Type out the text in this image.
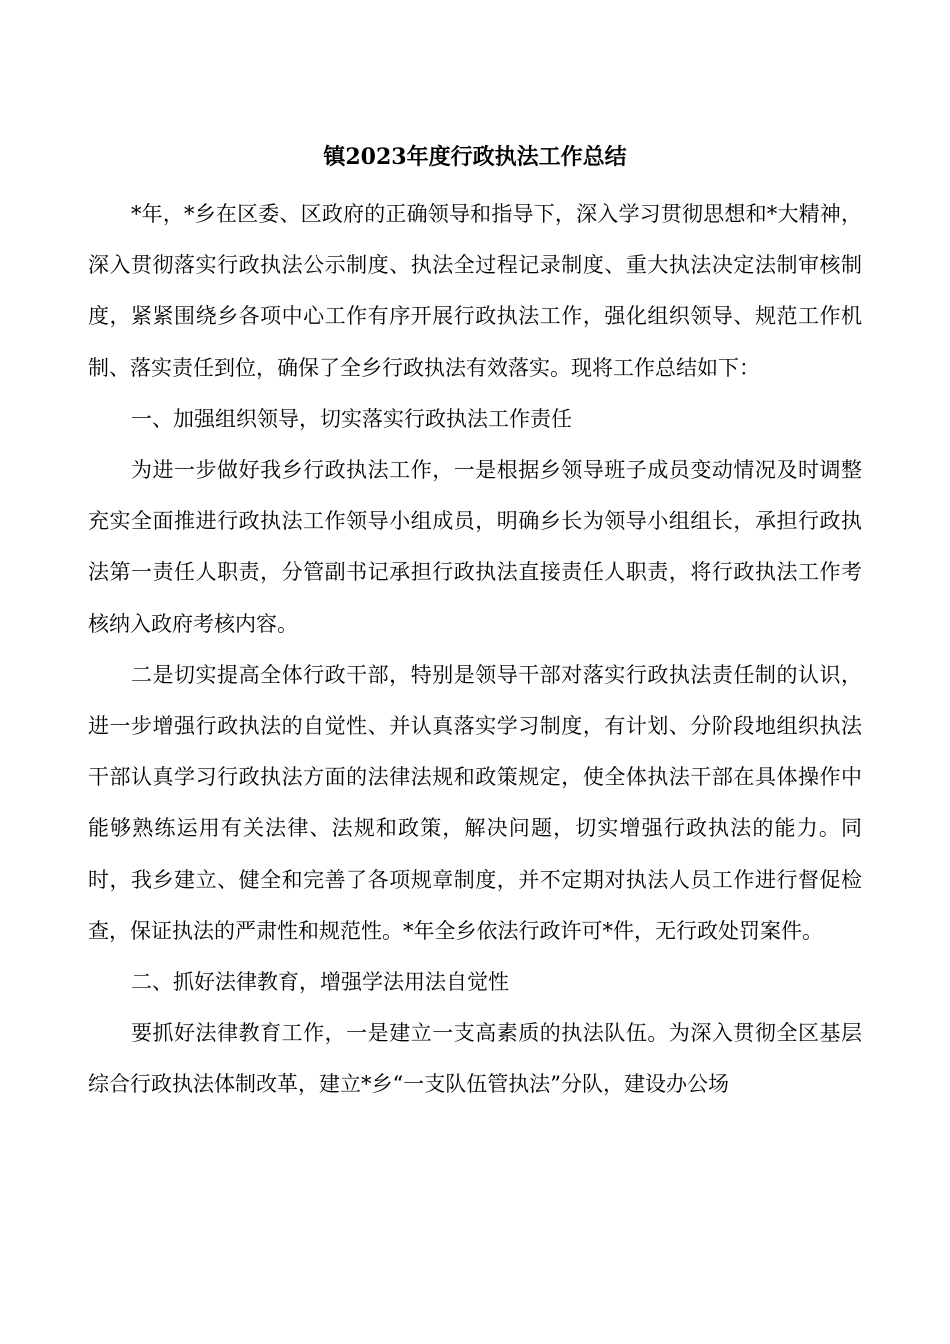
镇2023年度行政执法工作总结

*年，*乡在区委、区政府的正确领导和指导下，深入学习贯彻思想和*大精神，深入贯彻落实行政执法公示制度、执法全过程记录制度、重大执法决定法制审核制度，紧紧围绕乡各项中心工作有序开展行政执法工作，强化组织领导、规范工作机制、落实责任到位，确保了全乡行政执法有效落实。现将工作总结如下：

一、加强组织领导，切实落实行政执法工作责任

为进一步做好我乡行政执法工作，一是根据乡领导班子成员变动情况及时调整充实全面推进行政执法工作领导小组成员，明确乡长为领导小组组长，承担行政执法第一责任人职责，分管副书记承担行政执法直接责任人职责，将行政执法工作考核纳入政府考核内容。

二是切实提高全体行政干部，特别是领导干部对落实行政执法责任制的认识，进一步增强行政执法的自觉性、并认真落实学习制度，有计划、分阶段地组织执法干部认真学习行政执法方面的法律法规和政策规定，使全体执法干部在具体操作中能够熟练运用有关法律、法规和政策，解决问题，切实增强行政执法的能力。同时，我乡建立、健全和完善了各项规章制度，并不定期对执法人员工作进行督促检查，保证执法的严肃性和规范性。*年全乡依法行政许可*件，无行政处罚案件。

二、抓好法律教育，增强学法用法自觉性

要抓好法律教育工作，一是建立一支高素质的执法队伍。为深入贯彻全区基层综合行政执法体制改革，建立*乡“一支队伍管执法”分队，建设办公场
